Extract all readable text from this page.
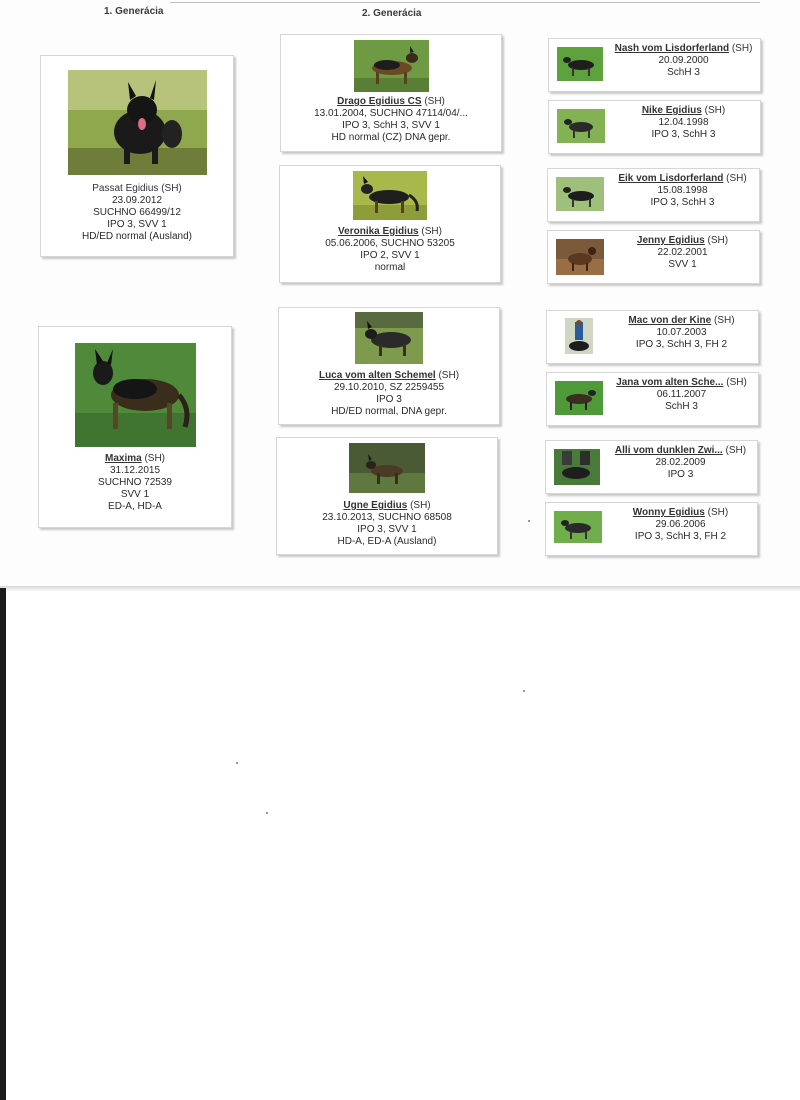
1. Generácia	2. Generácia
Passat Egidius (SH)
23.09.2012
SUCHNO 66499/12
IPO 3, SVV 1
HD/ED normal (Ausland)
Maxima (SH)
31.12.2015
SUCHNO 72539
SVV 1
ED-A, HD-A
Drago Egidius CS (SH)
13.01.2004, SUCHNO 47114/04/...
IPO 3, SchH 3, SVV 1
HD normal (CZ) DNA gepr.
Veronika Egidius (SH)
05.06.2006, SUCHNO 53205
IPO 2, SVV 1
normal
Luca vom alten Schemel (SH)
29.10.2010, SZ 2259455
IPO 3
HD/ED normal, DNA gepr.
Ugne Egidius (SH)
23.10.2013, SUCHNO 68508
IPO 3, SVV 1
HD-A, ED-A (Ausland)
Nash vom Lisdorferland (SH)
20.09.2000
SchH 3
Nike Egidius (SH)
12.04.1998
IPO 3, SchH 3
Eik vom Lisdorferland (SH)
15.08.1998
IPO 3, SchH 3
Jenny Egidius (SH)
22.02.2001
SVV 1
Mac von der Kine (SH)
10.07.2003
IPO 3, SchH 3, FH 2
Jana vom alten Sche... (SH)
06.11.2007
SchH 3
Alli vom dunklen Zwi... (SH)
28.02.2009
IPO 3
Wonny Egidius (SH)
29.06.2006
IPO 3, SchH 3, FH 2
